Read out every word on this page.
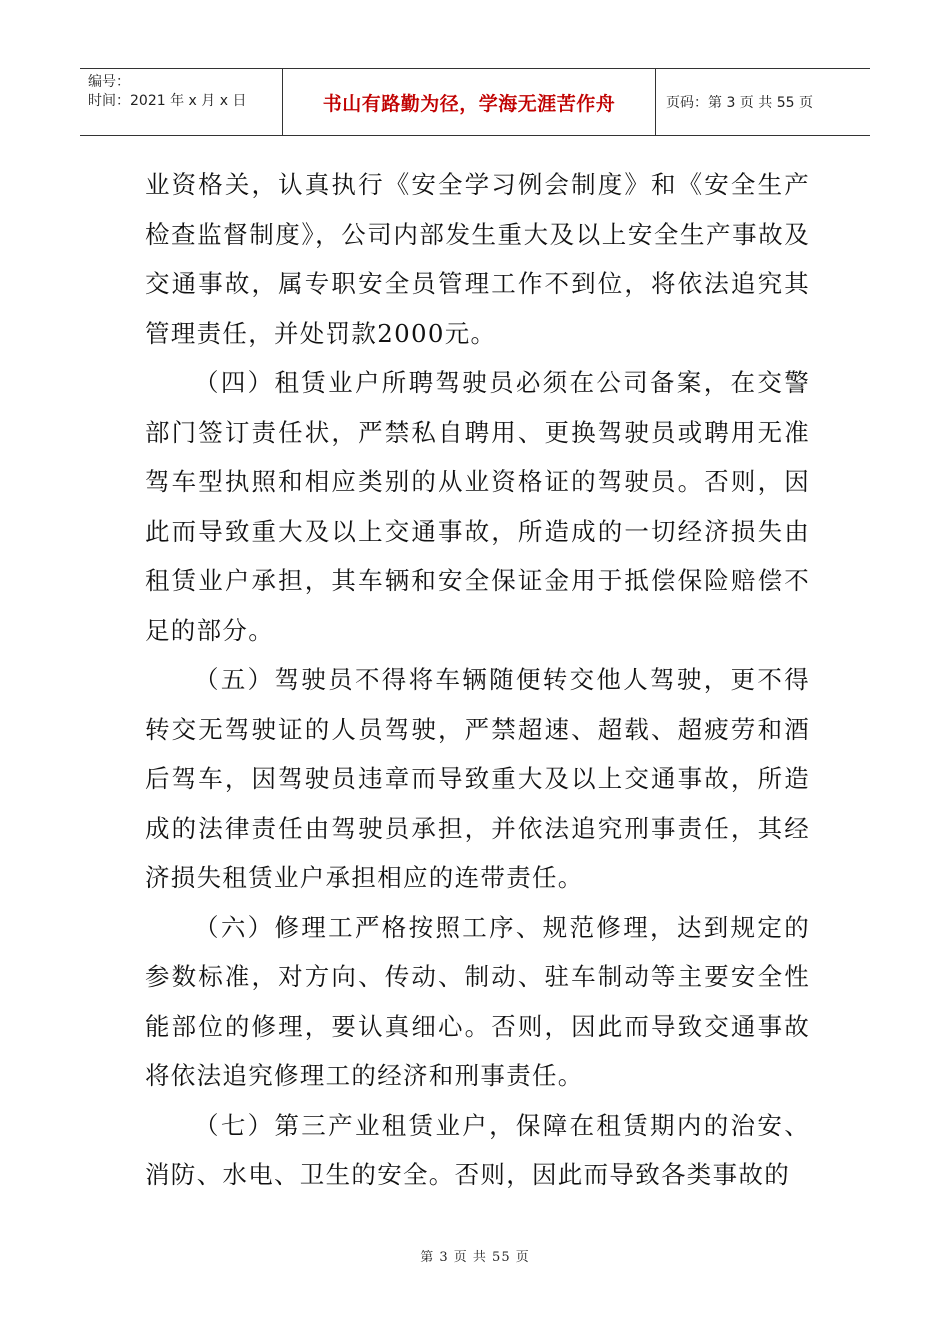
编号：
时间：2021 年 x 月 x 日	书山有路勤为径，学海无涯苦作舟	页码：第 3 页 共 55 页

业资格关，认真执行《安全学习例会制度》和《安全生产检查监督制度》，公司内部发生重大及以上安全生产事故及交通事故，属专职安全员管理工作不到位，将依法追究其管理责任，并处罚款2000元。

（四）租赁业户所聘驾驶员必须在公司备案，在交警部门签订责任状，严禁私自聘用、更换驾驶员或聘用无准驾车型执照和相应类别的从业资格证的驾驶员。否则，因此而导致重大及以上交通事故，所造成的一切经济损失由租赁业户承担，其车辆和安全保证金用于抵偿保险赔偿不足的部分。

（五）驾驶员不得将车辆随便转交他人驾驶，更不得转交无驾驶证的人员驾驶，严禁超速、超载、超疲劳和酒后驾车，因驾驶员违章而导致重大及以上交通事故，所造成的法律责任由驾驶员承担，并依法追究刑事责任，其经济损失租赁业户承担相应的连带责任。

（六）修理工严格按照工序、规范修理，达到规定的参数标准，对方向、传动、制动、驻车制动等主要安全性能部位的修理，要认真细心。否则，因此而导致交通事故将依法追究修理工的经济和刑事责任。

（七）第三产业租赁业户，保障在租赁期内的治安、消防、水电、卫生的安全。否则，因此而导致各类事故的

第 3 页 共 55 页
